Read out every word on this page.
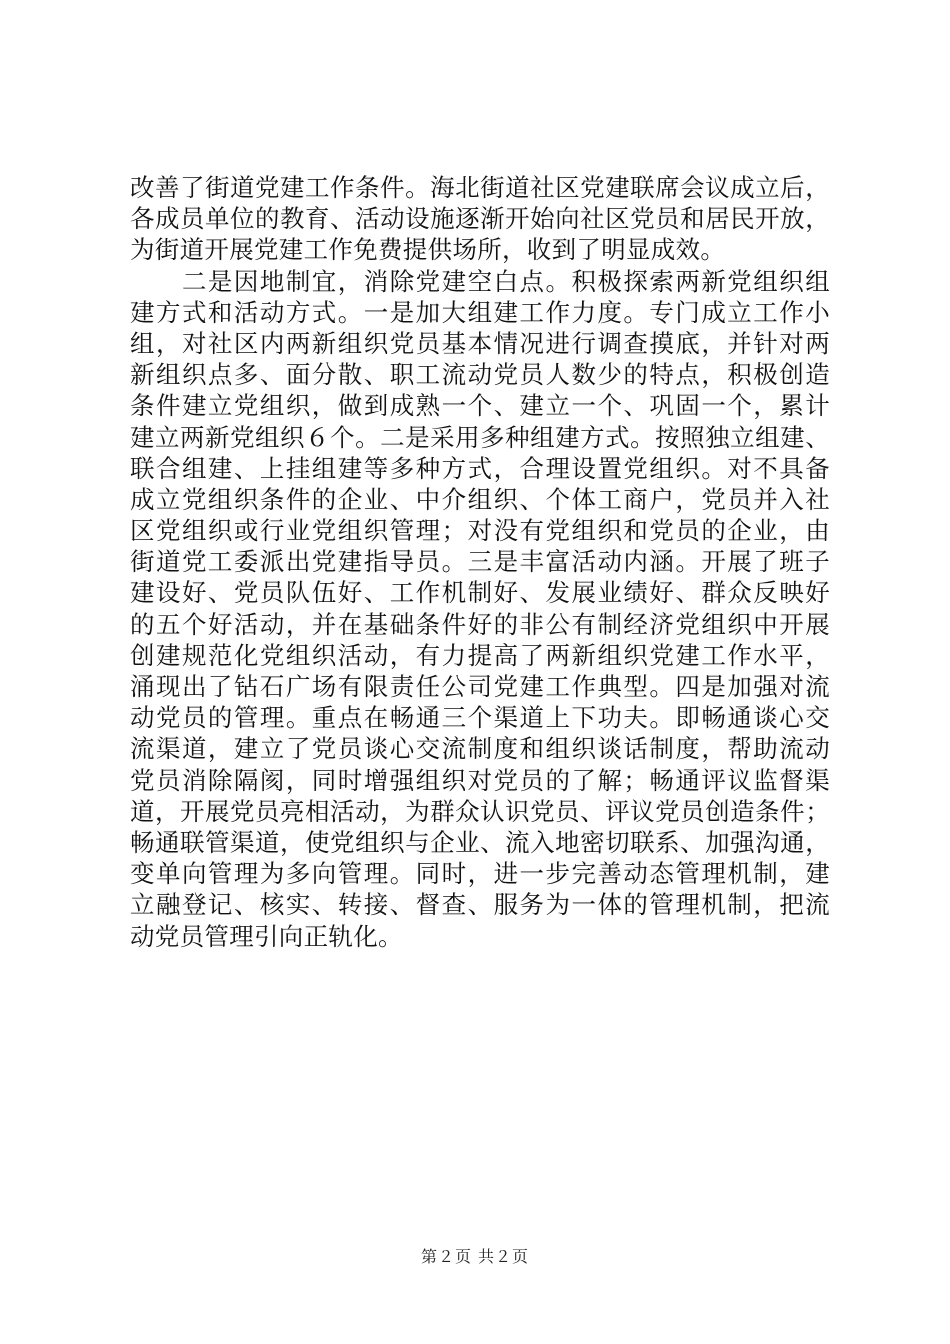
改善了街道党建工作条件。海北街道社区党建联席会议成立后，
各成员单位的教育、活动设施逐渐开始向社区党员和居民开放，
为街道开展党建工作免费提供场所，收到了明显成效。
　　二是因地制宜，消除党建空白点。积极探索两新党组织组
建方式和活动方式。一是加大组建工作力度。专门成立工作小
组，对社区内两新组织党员基本情况进行调查摸底，并针对两
新组织点多、面分散、职工流动党员人数少的特点，积极创造
条件建立党组织，做到成熟一个、建立一个、巩固一个，累计
建立两新党组织６个。二是采用多种组建方式。按照独立组建、
联合组建、上挂组建等多种方式，合理设置党组织。对不具备
成立党组织条件的企业、中介组织、个体工商户，党员并入社
区党组织或行业党组织管理；对没有党组织和党员的企业，由
街道党工委派出党建指导员。三是丰富活动内涵。开展了班子
建设好、党员队伍好、工作机制好、发展业绩好、群众反映好
的五个好活动，并在基础条件好的非公有制经济党组织中开展
创建规范化党组织活动，有力提高了两新组织党建工作水平，
涌现出了钻石广场有限责任公司党建工作典型。四是加强对流
动党员的管理。重点在畅通三个渠道上下功夫。即畅通谈心交
流渠道，建立了党员谈心交流制度和组织谈话制度，帮助流动
党员消除隔阂，同时增强组织对党员的了解；畅通评议监督渠
道，开展党员亮相活动，为群众认识党员、评议党员创造条件；
畅通联管渠道，使党组织与企业、流入地密切联系、加强沟通，
变单向管理为多向管理。同时，进一步完善动态管理机制，建
立融登记、核实、转接、督查、服务为一体的管理机制，把流
动党员管理引向正轨化。
第２页 共２页
